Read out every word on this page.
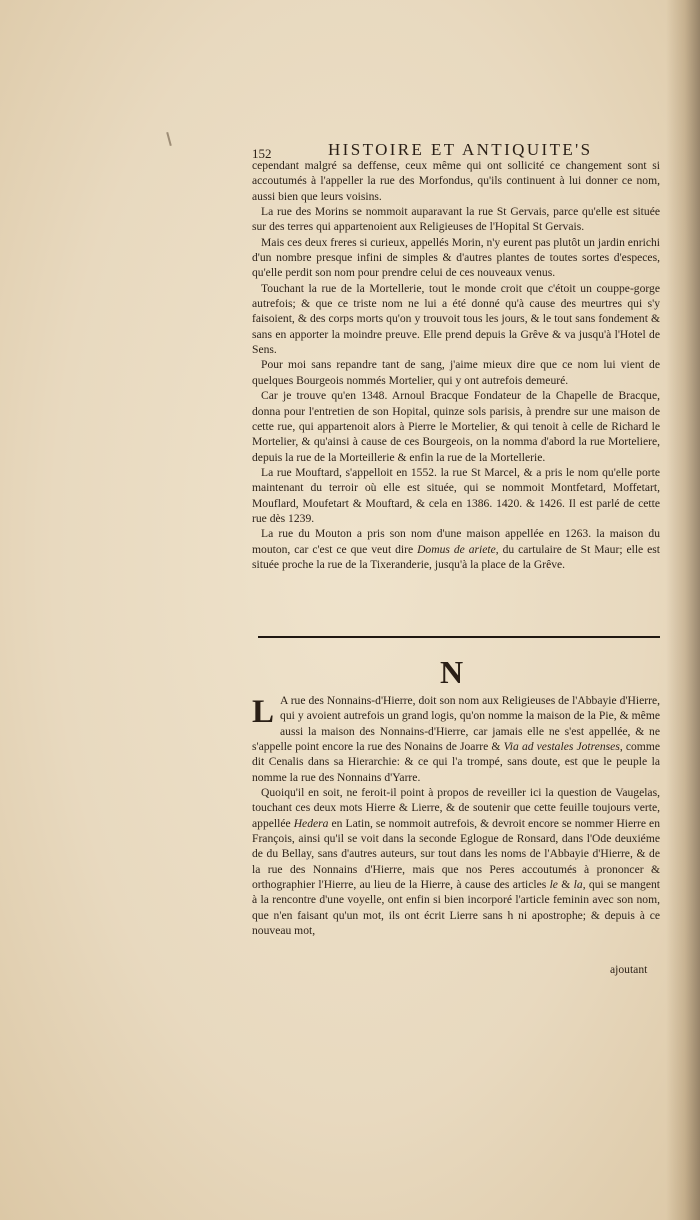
152	HISTOIRE ET ANTIQUITE'S

cependant malgré sa deffense, ceux même qui ont sollicité ce changement sont si accoutumés à l'appeller la rue des Morfondus, qu'ils continuent à lui donner ce nom, aussi bien que leurs voisins.

La rue des Morins se nommoit auparavant la rue St Gervais, parce qu'elle est située sur des terres qui appartenoient aux Religieuses de l'Hopital St Gervais.

Mais ces deux freres si curieux, appellés Morin, n'y eurent pas plutôt un jardin enrichi d'un nombre presque infini de simples & d'autres plantes de toutes sortes d'especes, qu'elle perdit son nom pour prendre celui de ces nouveaux venus.

Touchant la rue de la Mortellerie, tout le monde croit que c'étoit un couppe-gorge autrefois; & que ce triste nom ne lui a été donné qu'à cause des meurtres qui s'y faisoient, & des corps morts qu'on y trouvoit tous les jours, & le tout sans fondement & sans en apporter la moindre preuve. Elle prend depuis la Grêve & va jusqu'à l'Hotel de Sens.

Pour moi sans repandre tant de sang, j'aime mieux dire que ce nom lui vient de quelques Bourgeois nommés Mortelier, qui y ont autrefois demeuré.

Car je trouve qu'en 1348. Arnoul Bracque Fondateur de la Chapelle de Bracque, donna pour l'entretien de son Hopital, quinze sols parisis, à prendre sur une maison de cette rue, qui appartenoit alors à Pierre le Mortelier, & qui tenoit à celle de Richard le Mortelier, & qu'ainsi à cause de ces Bourgeois, on la nomma d'abord la rue Morteliere, depuis la rue de la Morteillerie & enfin la rue de la Mortellerie.

La rue Mouftard, s'appelloit en 1552. la rue St Marcel, & a pris le nom qu'elle porte maintenant du terroir où elle est située, qui se nommoit Montfetard, Moffetart, Mouflard, Moufetart & Mouftard, & cela en 1386. 1420. & 1426. Il est parlé de cette rue dès 1239.

La rue du Mouton a pris son nom d'une maison appellée en 1263. la maison du mouton, car c'est ce que veut dire Domus de ariete, du cartulaire de St Maur; elle est située proche la rue de la Tixeranderie, jusqu'à la place de la Grêve.

N

L A rue des Nonnains-d'Hierre, doit son nom aux Religieuses de l'Abbayie d'Hierre, qui y avoient autrefois un grand logis, qu'on nomme la maison de la Pie, & même aussi la maison des Nonnains-d'Hierre, car jamais elle ne s'est appellée, & ne s'appelle point encore la rue des Nonains de Joarre & Via ad vestales Jotrenses, comme dit Cenalis dans sa Hierarchie: & ce qui l'a trompé, sans doute, est que le peuple la nomme la rue des Nonnains d'Yarre.

Quoiqu'il en soit, ne feroit-il point à propos de reveiller ici la question de Vaugelas, touchant ces deux mots Hierre & Lierre, & de soutenir que cette feuille toujours verte, appellée Hedera en Latin, se nommoit autrefois, & devroit encore se nommer Hierre en François, ainsi qu'il se voit dans la seconde Eglogue de Ronsard, dans l'Ode deuxiéme de du Bellay, sans d'autres auteurs, sur tout dans les noms de l'Abbayie d'Hierre, & de la rue des Nonnains d'Hierre, mais que nos Peres accoutumés à prononcer & orthographier l'Hierre, au lieu de la Hierre, à cause des articles le & la, qui se mangent à la rencontre d'une voyelle, ont enfin si bien incorporé l'article feminin avec son nom, que n'en faisant qu'un mot, ils ont écrit Lierre sans h ni apostrophe; & depuis à ce nouveau mot,

ajoutant
